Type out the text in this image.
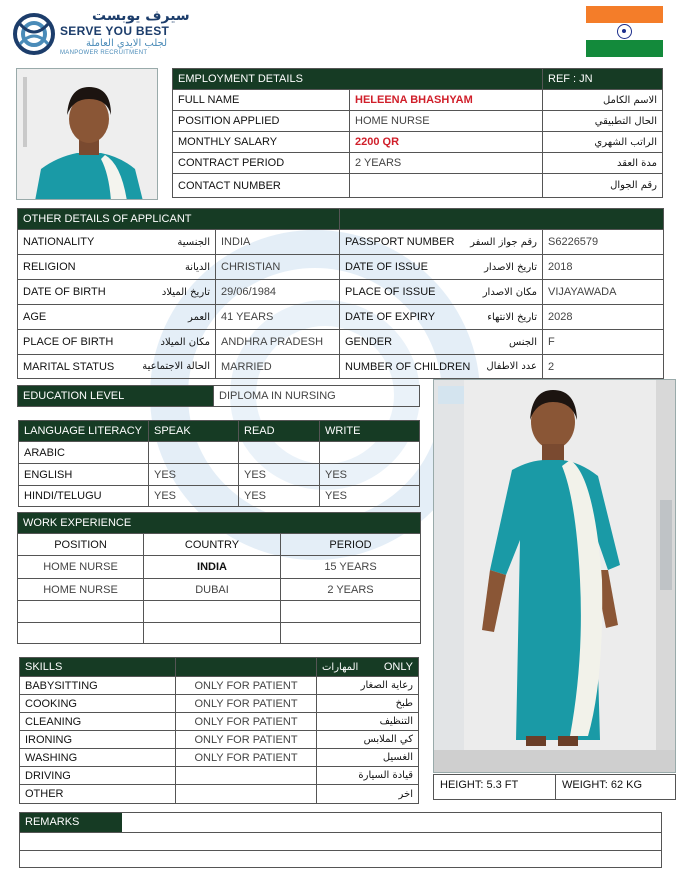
سيرف يوبست
SERVE YOU BEST
لجلب الايدي العاملة
MANPOWER RECRUITMENT
EMPLOYMENT DETAILS		REF : JN
FULL NAME	HELEENA BHASHYAM	الاسم الكامل
POSITION APPLIED	HOME NURSE	الحال التطبيقي
MONTHLY SALARY	2200 QR	الراتب الشهري
CONTRACT PERIOD	2 YEARS	مدة العقد
CONTACT NUMBER		رقم الجوال
OTHER DETAILS OF APPLICANT			

NATIONALITY الجنسية	INDIA	PASSPORT NUMBER رقم جواز السفر	S6226579

RELIGION الديانة	CHRISTIAN	DATE OF ISSUE تاريخ الاصدار	2018

DATE OF BIRTH تاريخ الميلاد	29/06/1984	PLACE OF ISSUE مكان الاصدار	VIJAYAWADA

AGE العمر	41 YEARS	DATE OF EXPIRY تاريخ الانتهاء	2028

PLACE OF BIRTH مكان الميلاد	ANDHRA PRADESH	GENDER الجنس	F

MARITAL STATUS الحالة الاجتماعية	MARRIED	NUMBER OF CHILDREN عدد الاطفال	2
EDUCATION LEVEL	DIPLOMA IN NURSING
LANGUAGE LITERACY	SPEAK	READ	WRITE
ARABIC			
ENGLISH	YES	YES	YES
HINDI/TELUGU	YES	YES	YES
WORK EXPERIENCE		
POSITION	COUNTRY	PERIOD
HOME NURSE	INDIA	15 YEARS
HOME NURSE	DUBAI	2 YEARS

SKILLS		المهارات ONLY

BABYSITTING	ONLY FOR PATIENT	رعاية الصغار
COOKING	ONLY FOR PATIENT	طبخ
CLEANING	ONLY FOR PATIENT	التنظيف
IRONING	ONLY FOR PATIENT	كي الملابس
WASHING	ONLY FOR PATIENT	الغسيل
DRIVING		قيادة السيارة
OTHER		اخر
HEIGHT: 5.3 FT	WEIGHT: 62 KG
REMARKS
